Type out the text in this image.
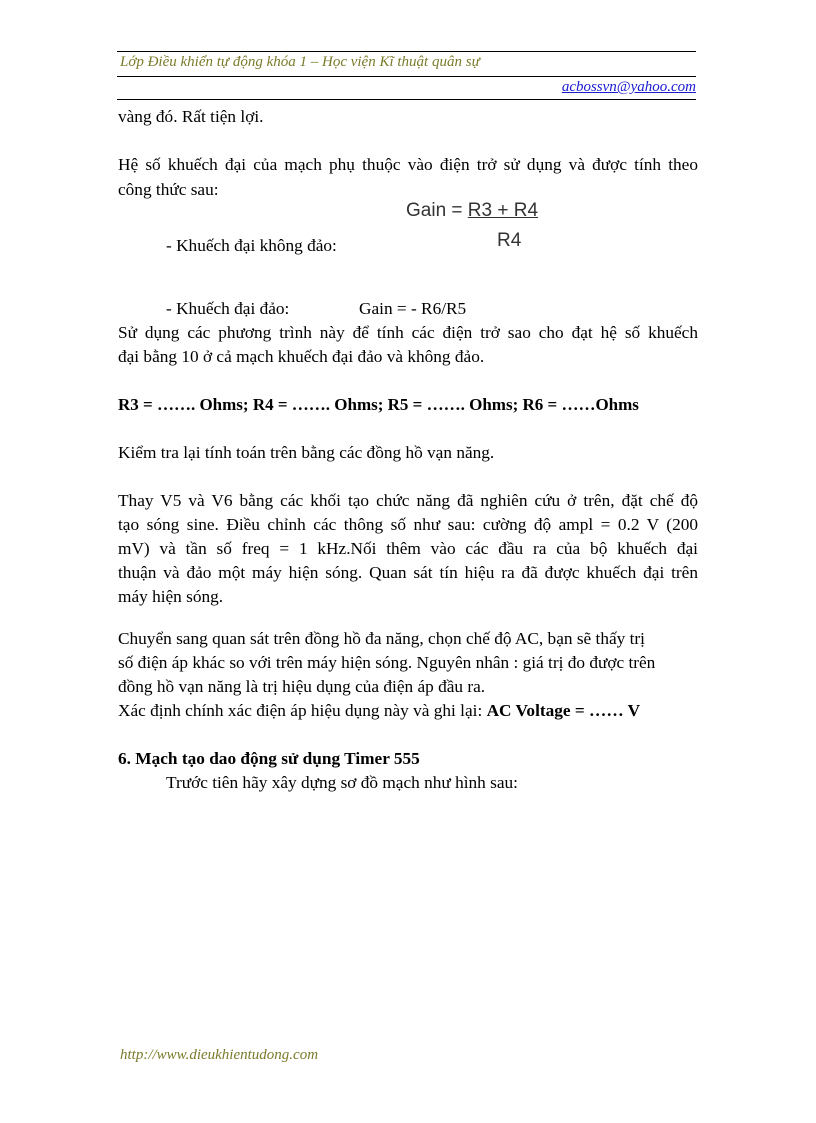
Lớp Điều khiển tự động khóa 1 – Học viện Kĩ thuật quân sự
acbossvn@yahoo.com
vàng đó. Rất tiện lợi.
Hệ số khuếch đại của mạch phụ thuộc vào điện trở sử dụng và được tính theo
công thức sau:
Gain = R3 + R4
R4
- Khuếch đại không đảo:
- Khuếch đại đảo:	Gain = - R6/R5
Sử dụng các phương trình này để tính các điện trở sao cho đạt hệ số khuếch
đại bằng 10 ở cả mạch khuếch đại đảo và không đảo.
R3 = ……. Ohms; R4 = ……. Ohms; R5 = ……. Ohms; R6 = ……Ohms
Kiểm tra lại tính toán trên bằng các đồng hồ vạn năng.
Thay V5 và V6 bằng các khối tạo chức năng đã nghiên cứu ở trên, đặt chế độ
tạo sóng sine. Điều chỉnh các thông số như sau: cường độ ampl = 0.2 V (200
mV) và tần số freq = 1 kHz.Nối thêm vào các đầu ra của bộ khuếch đại
thuận và đảo một máy hiện sóng. Quan sát tín hiệu ra đã được khuếch đại trên
máy hiện sóng.
Chuyển sang quan sát trên đồng hồ đa năng, chọn chế độ AC, bạn sẽ thấy trị
số điện áp khác so với trên máy hiện sóng. Nguyên nhân : giá trị đo được trên
đồng hồ vạn năng là trị hiệu dụng của điện áp đầu ra.
Xác định chính xác điện áp hiệu dụng này và ghi lại: AC Voltage = …… V
6. Mạch tạo dao động sử dụng Timer 555
Trước tiên hãy xây dựng sơ đồ mạch như hình sau:
http://www.dieukhientudong.com
